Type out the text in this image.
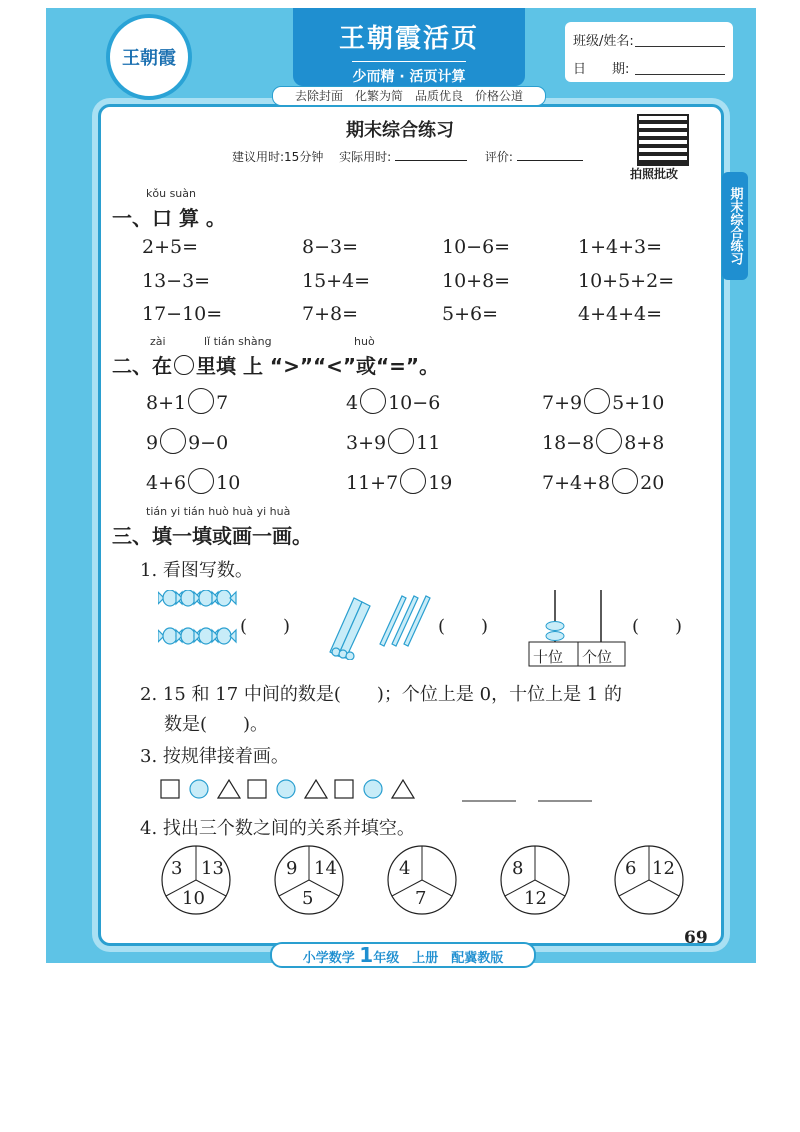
王朝霞
王朝霞活页
少而精 · 活页计算
班级/姓名:
日　　期:
去除封面　化繁为简　品质优良　价格公道
期末综合练习
建议用时:15分钟 实际用时:	评价:
拍照批改
期末综合练习
kǒu suàn
一、口 算 。
2+5=	8−3=	10−6=	1+4+3=
13−3=	15+4=	10+8=	10+5+2=
17−10=	7+8=	5+6=	4+4+4=
zài	lǐ tián shàng	huò
二、在 里填 上 “>”“<”或“=”。
8+1 7	4 10−6	7+9 5+10
9 9−0	3+9 11	18−8 8+8
4+6 10	11+7 19	7+4+8 20
tián yi tián huò huà yi huà
三、填一填或画一画。
1. 看图写数。
(　　)	(　　)
十位 个位
(　　)
2. 15 和 17 中间的数是(　　)；个位上是 0，十位上是 1 的
数是(　　)。
3. 按规律接着画。
4. 找出三个数之间的关系并填空。
3 13
10
9 14
5
4
7
8
12
6 12
69
小学数学 1年级　上册　配冀教版
